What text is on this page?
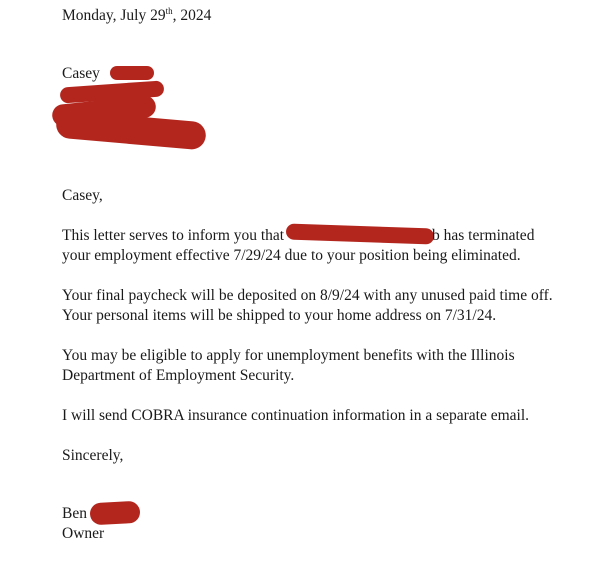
Monday, July 29th, 2024
Casey
Casey,
This letter serves to inform you that	b has terminated
your employment effective 7/29/24 due to your position being eliminated.
Your final paycheck will be deposited on 8/9/24 with any unused paid time off.
Your personal items will be shipped to your home address on 7/31/24.
You may be eligible to apply for unemployment benefits with the Illinois
Department of Employment Security.
I will send COBRA insurance continuation information in a separate email.
Sincerely,
Ben
Owner
